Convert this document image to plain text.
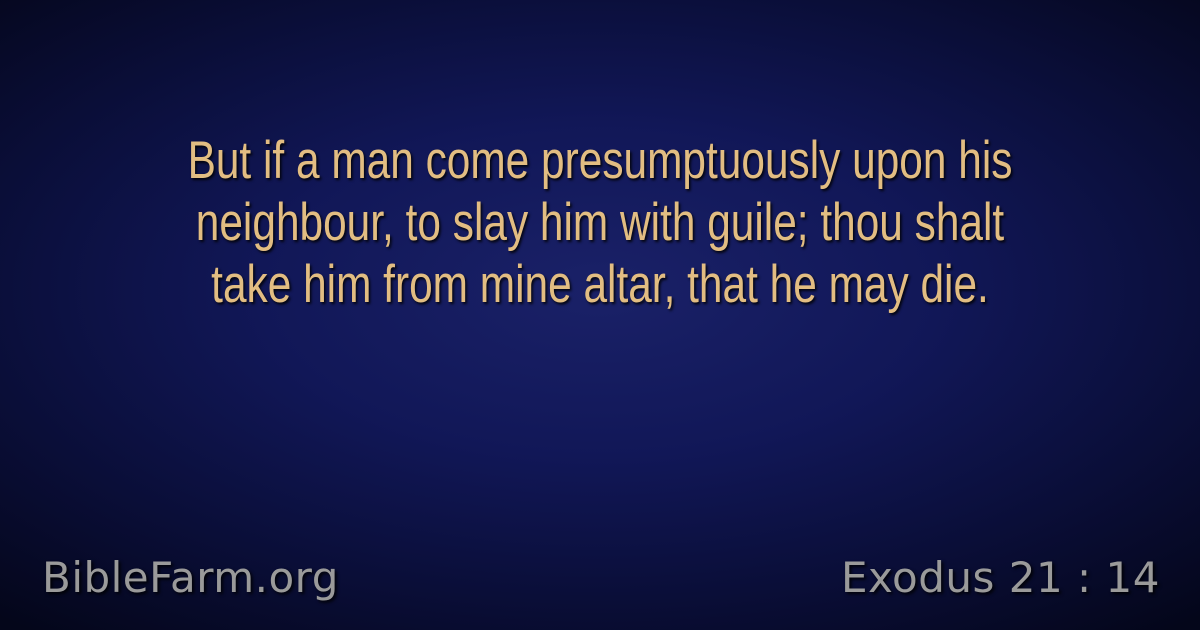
But if a man come presumptuously upon his neighbour, to slay him with guile; thou shalt take him from mine altar, that he may die.

BibleFarm.org	Exodus 21 : 14
